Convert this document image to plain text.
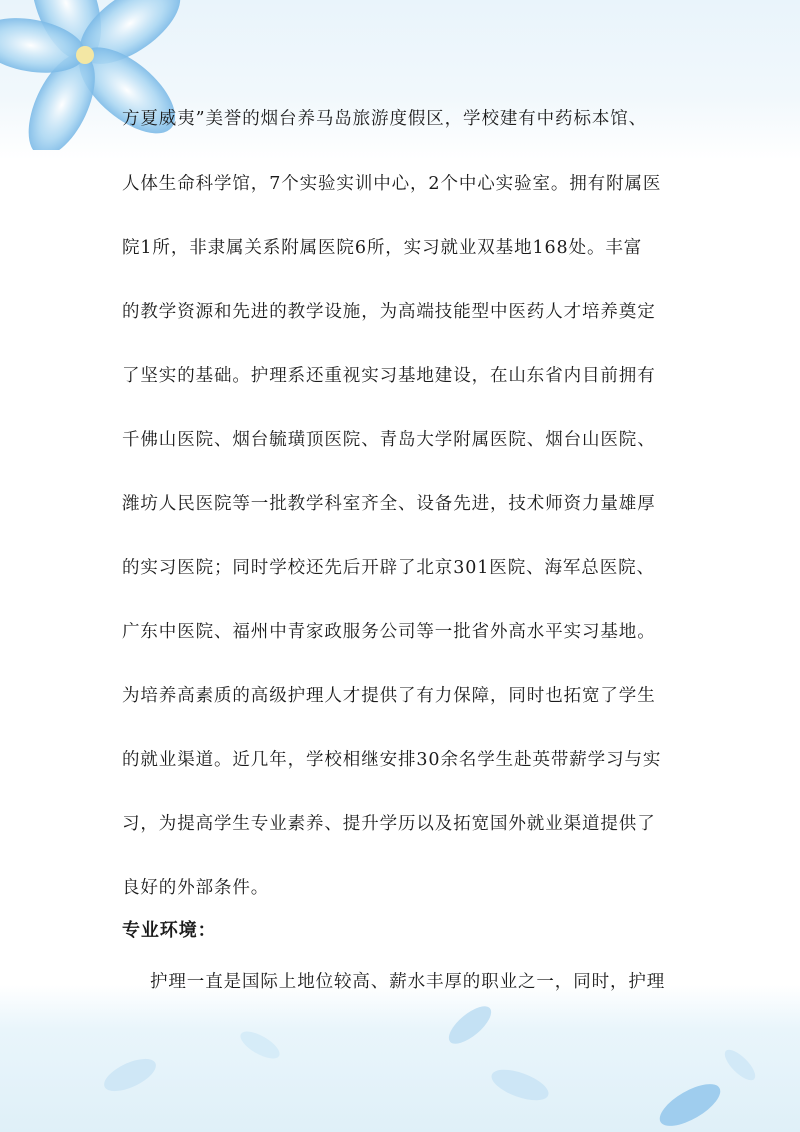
方夏威夷”美誉的烟台养马岛旅游度假区，学校建有中药标本馆、
人体生命科学馆，7个实验实训中心，2个中心实验室。拥有附属医
院1所，非隶属关系附属医院6所，实习就业双基地168处。丰富
的教学资源和先进的教学设施，为高端技能型中医药人才培养奠定
了坚实的基础。护理系还重视实习基地建设，在山东省内目前拥有
千佛山医院、烟台毓璜顶医院、青岛大学附属医院、烟台山医院、
潍坊人民医院等一批教学科室齐全、设备先进，技术师资力量雄厚
的实习医院；同时学校还先后开辟了北京301医院、海军总医院、
广东中医院、福州中青家政服务公司等一批省外高水平实习基地。
为培养高素质的高级护理人才提供了有力保障，同时也拓宽了学生
的就业渠道。近几年，学校相继安排30余名学生赴英带薪学习与实
习，为提高学生专业素养、提升学历以及拓宽国外就业渠道提供了
良好的外部条件。
专业环境：
护理一直是国际上地位较高、薪水丰厚的职业之一，同时，护理
